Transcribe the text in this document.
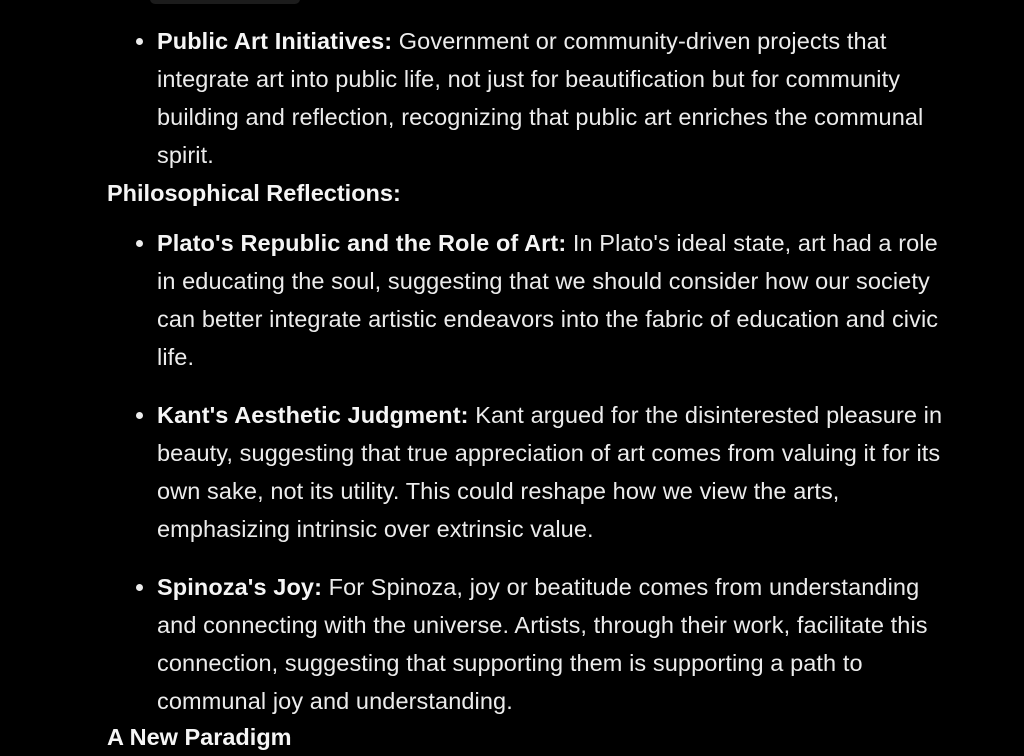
Public Art Initiatives: Government or community-driven projects that integrate art into public life, not just for beautification but for community building and reflection, recognizing that public art enriches the communal spirit.

Philosophical Reflections:

Plato's Republic and the Role of Art: In Plato's ideal state, art had a role in educating the soul, suggesting that we should consider how our society can better integrate artistic endeavors into the fabric of education and civic life.
Kant's Aesthetic Judgment: Kant argued for the disinterested pleasure in beauty, suggesting that true appreciation of art comes from valuing it for its own sake, not its utility. This could reshape how we view the arts, emphasizing intrinsic over extrinsic value.
Spinoza's Joy: For Spinoza, joy or beatitude comes from understanding and connecting with the universe. Artists, through their work, facilitate this connection, suggesting that supporting them is supporting a path to communal joy and understanding.
A New Paradigm
